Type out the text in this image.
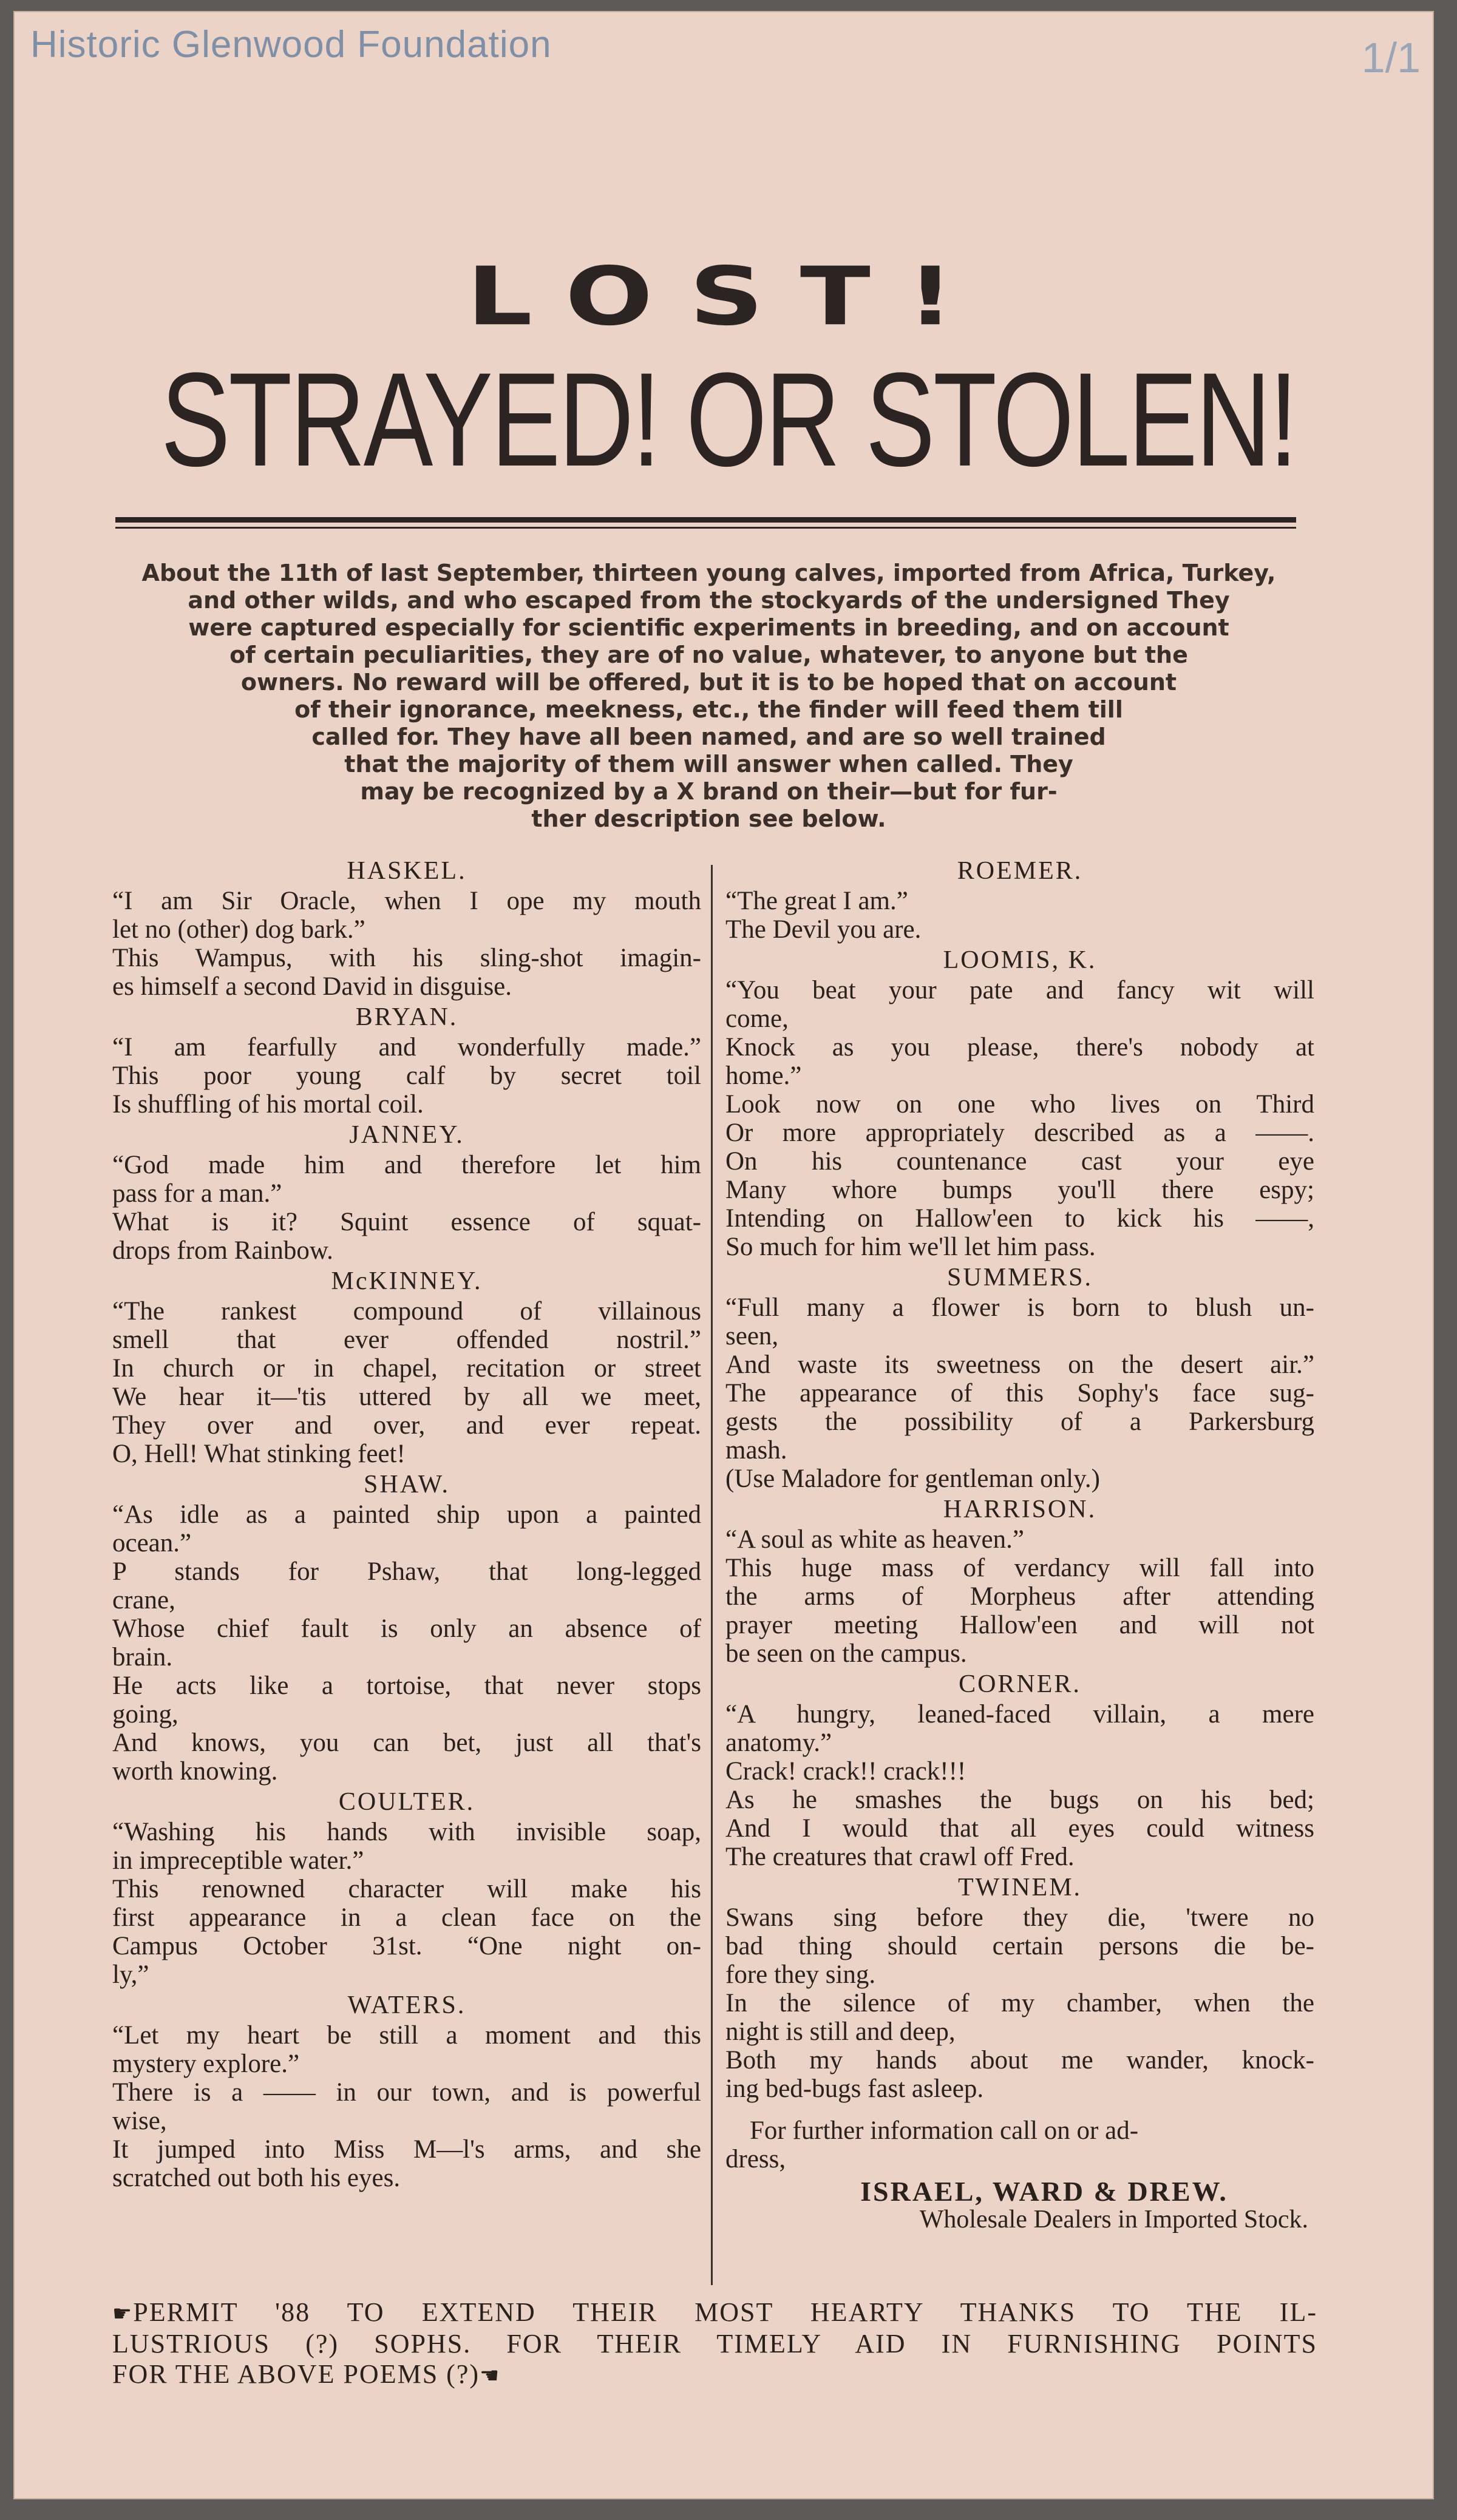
Historic Glenwood Foundation	1/1
LOST!
STRAYED! OR STOLEN!
About the 11th of last September, thirteen young calves, imported from Africa, Turkey,
and other wilds, and who escaped from the stockyards of the undersigned They
were captured especially for scientific experiments in breeding, and on account
of certain peculiarities, they are of no value, whatever, to anyone but the
owners. No reward will be offered, but it is to be hoped that on account
of their ignorance, meekness, etc., the finder will feed them till
called for. They have all been named, and are so well trained
that the majority of them will answer when called. They
may be recognized by a X brand on their—but for fur-
ther description see below.
HASKEL.
“I am Sir Oracle, when I ope my mouth
let no (other) dog bark.”
This Wampus, with his sling-shot imagin-
es himself a second David in disguise.
BRYAN.
“I am fearfully and wonderfully made.”
This poor young calf by secret toil
Is shuffling of his mortal coil.
JANNEY.
“God made him and therefore let him
pass for a man.”
What is it? Squint essence of squat-
drops from Rainbow.
McKINNEY.
“The rankest compound of villainous
smell that ever offended nostril.”
In church or in chapel, recitation or street
We hear it—'tis uttered by all we meet,
They over and over, and ever repeat.
O, Hell! What stinking feet!
SHAW.
“As idle as a painted ship upon a painted
ocean.”
P stands for Pshaw, that long-legged
crane,
Whose chief fault is only an absence of
brain.
He acts like a tortoise, that never stops
going,
And knows, you can bet, just all that's
worth knowing.
COULTER.
“Washing his hands with invisible soap,
in impreceptible water.”
This renowned character will make his
first appearance in a clean face on the
Campus October 31st. “One night on-
ly,”
WATERS.
“Let my heart be still a moment and this
mystery explore.”
There is a —— in our town, and is powerful
wise,
It jumped into Miss M—l's arms, and she
scratched out both his eyes.
ROEMER.
“The great I am.”
The Devil you are.
LOOMIS, K.
“You beat your pate and fancy wit will
come,
Knock as you please, there's nobody at
home.”
Look now on one who lives on Third
Or more appropriately described as a ——.
On his countenance cast your eye
Many whore bumps you'll there espy;
Intending on Hallow'een to kick his ——,
So much for him we'll let him pass.
SUMMERS.
“Full many a flower is born to blush un-
seen,
And waste its sweetness on the desert air.”
The appearance of this Sophy's face sug-
gests the possibility of a Parkersburg
mash.
(Use Maladore for gentleman only.)
HARRISON.
“A soul as white as heaven.”
This huge mass of verdancy will fall into
the arms of Morpheus after attending
prayer meeting Hallow'een and will not
be seen on the campus.
CORNER.
“A hungry, leaned-faced villain, a mere
anatomy.”
Crack! crack!! crack!!!
As he smashes the bugs on his bed;
And I would that all eyes could witness
The creatures that crawl off Fred.
TWINEM.
Swans sing before they die, 'twere no
bad thing should certain persons die be-
fore they sing.
In the silence of my chamber, when the
night is still and deep,
Both my hands about me wander, knock-
ing bed-bugs fast asleep.
For further information call on or ad-
dress,
ISRAEL, WARD & DREW.
Wholesale Dealers in Imported Stock.
☛PERMIT '88 TO EXTEND THEIR MOST HEARTY THANKS TO THE IL-
LUSTRIOUS (?) SOPHS. FOR THEIR TIMELY AID IN FURNISHING POINTS
FOR THE ABOVE POEMS (?)☚
